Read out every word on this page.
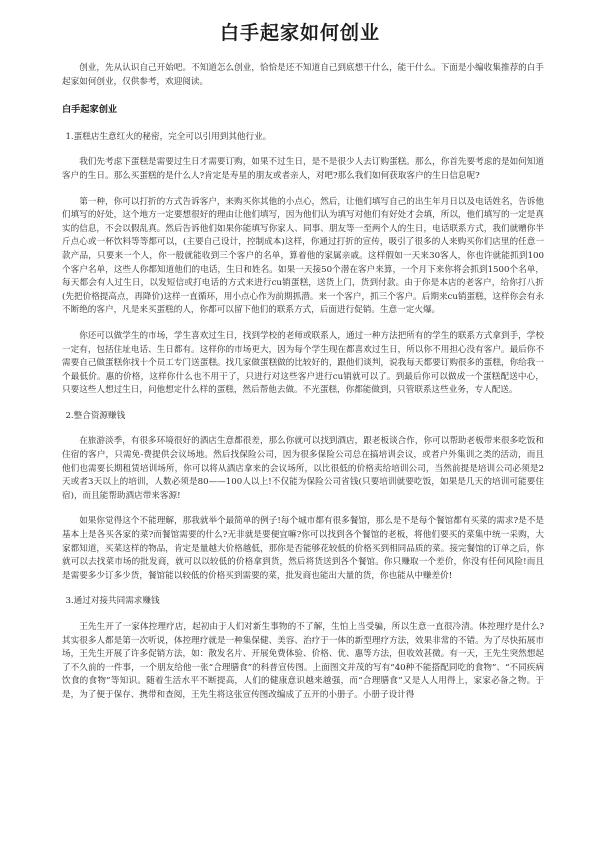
白手起家如何创业

创业，先从认识自己开始吧。不知道怎么创业，恰恰是还不知道自己到底想干什么，能干什么。下面是小编收集推荐的白手起家如何创业，仅供参考，欢迎阅读。

白手起家创业

1.蛋糕店生意红火的秘密，完全可以引用到其他行业。

我们先考虑下蛋糕是需要过生日才需要订购，如果不过生日，是不是很少人去订购蛋糕。那么，你首先要考虑的是如何知道客户的生日。那么买蛋糕的是什么人?肯定是寿星的朋友或者亲人，对吧?那么我们如何获取客户的生日信息呢?

第一种，你可以打折的方式告诉客户，来购买你其他的小点心，然后，让他们填写自己的出生年月日以及电话姓名，告诉他们填写的好处，这个地方一定要想很好的理由让他们填写，因为他们认为填写对他们有好处才会填，所以，他们填写的一定是真实的信息，不会以假乱真。然后告诉他们如果你能填写你家人、同事、朋友等一至两个人的生日，电话联系方式，我们就赠你半斤点心或一杯饮料等等都可以，(主要自己设计，控制成本)这样，你通过打折的宣传，吸引了很多的人来购买你们店里的任意一款产品，只要来一个人，你一般就能收到三个客户的名单，算着他的家属亲戚。这样假如一天来30客人，你也许就能抓到100个客户名单，这些人你都知道他们的电话，生日和姓名。如果一天接50个潜在客户来算，一个月下来你将会抓到1500个名单，每天都会有人过生日，以发短信或打电话的方式来进行cu销蛋糕，送货上门，货到付款。由于你是本店的老客户，给你打八折(先把价格提高点，再降价)这样一直循环，用小点心作为前期抓潜。来一个客户，抓三个客户。后期来cu销蛋糕，这样你会有永不断绝的客户，凡是来买蛋糕的人，你都可以留下他们的联系方式，后面进行促销。生意一定火爆。

你还可以做学生的市场，学生喜欢过生日，找到学校的老师或联系人，通过一种方法把所有的学生的联系方式拿到手，学校一定有，包括住址电话、生日都有。这样你的市场更大，因为每个学生现在都喜欢过生日，所以你不用担心没有客户。最后你不需要自己做蛋糕你找十个员工专门送蛋糕。找几家做蛋糕做的比较好的，跟他们谈判，说我每天都要订购很多的蛋糕，你给我一个最低价。惠的价格，这样你什么也不用干了，只进行对这些客户进行cu销就可以了。到最后你可以做成一个蛋糕配送中心，只要这些人想过生日，问他想定什么样的蛋糕，然后帮他去做。不光蛋糕，你都能做到，只管联系这些业务，专人配送。

2.整合资源赚钱

在旅游淡季，有很多环境很好的酒店生意都很差，那么你就可以找到酒店，跟老板谈合作，你可以帮助老板带来很多吃饭和住宿的客户，只需免-费提供会议场地。然后找保险公司，因为很多保险公司总在搞培训会议，或者户外集训之类的活动，而且他们也需要长期租赁培训场所，你可以将从酒店拿来的会议场所，以比很低的价格卖给培训公司，当然前提是培训公司必须是2天或者3天以上的培训，人数必须是80——100人以上!不仅能为保险公司省钱(只要培训就要吃饭，如果是几天的培训可能要住宿)，而且能帮助酒店带来客源!

如果你觉得这个不能理解，那我就举个最简单的例子!每个城市都有很多餐馆，那么是不是每个餐馆都有买菜的需求?是不是基本上是各买各家的菜?而餐馆需要的什么?无非就是要便宜嘛?你可以找到各个餐馆的老板，将他们要买的菜集中统一采购，大家都知道，买菜这样的物品，肯定是量越大价格越低，那你是否能够花较低的价格买到相同品质的菜。接完餐馆的订单之后，你就可以去找菜市场的批发商，就可以以较低的价格拿到货，然后将货送到各个餐馆。你只赚取一个差价，你没有任何风险!而且是需要多少订多少货，餐馆能以较低的价格买到需要的菜，批发商也能出大量的货，你也能从中赚差价!

3.通过对接共同需求赚钱

王先生开了一家体控理疗店，起初由于人们对新生事物的不了解，生怕上当受骗，所以生意一直很冷清。体控理疗是什么?其实很多人都是第一次听说，体控理疗就是一种集保健、美容、治疗于一体的新型理疗方法，效果非常的不错。为了尽快拓展市场，王先生开展了许多促销方法，如：散发名片、开展免费体验、价格、优、惠等方法，但收效甚微。有一天，王先生突然想起了不久前的一件事，一个朋友给他一张“合理膳食”的科普宣传图。上面图文并茂的写有“40种不能搭配同吃的食物”、“不同疾病饮食的食物”等知识。随着生活水平不断提高，人们的健康意识越来越强，而“合理膳食”又是人人用得上，家家必备之物。于是，为了便于保存、携带和查阅，王先生将这张宣传图改编成了五开的小册子。小册子设计得
